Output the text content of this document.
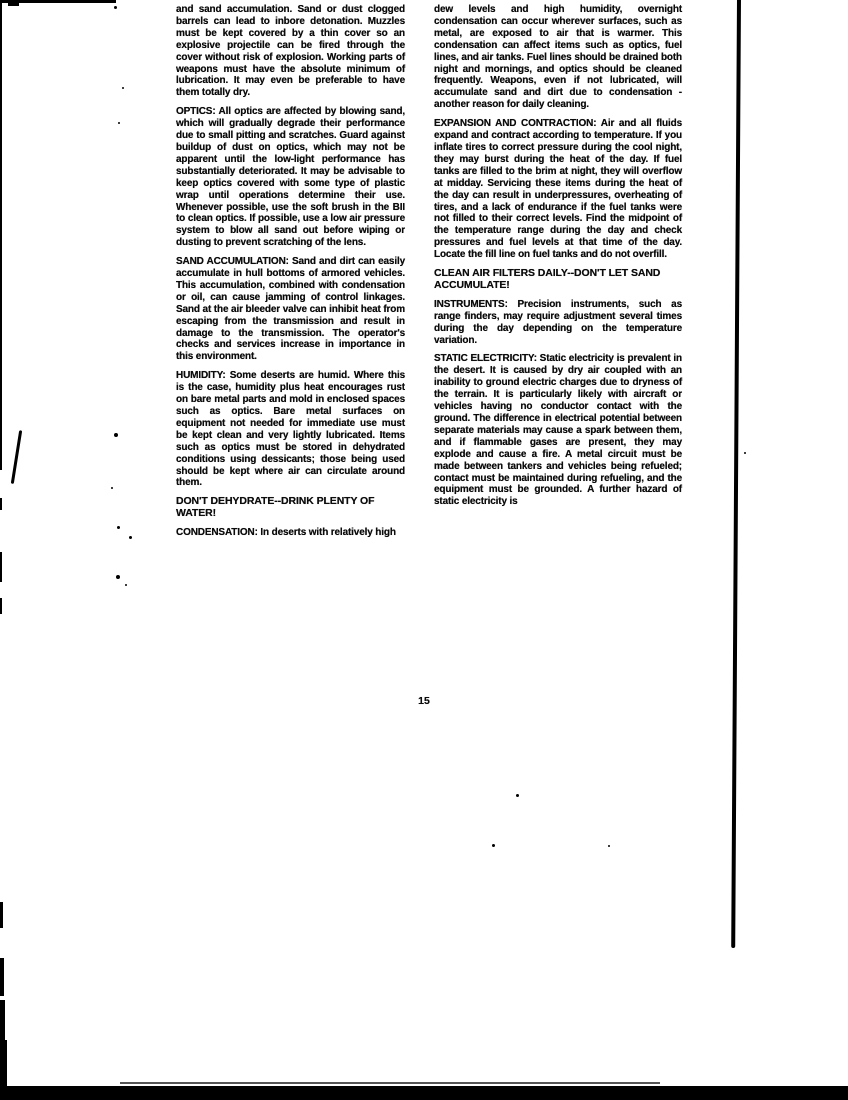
and sand accumulation. Sand or dust clogged barrels can lead to inbore detonation. Muzzles must be kept covered by a thin cover so an explosive projectile can be fired through the cover without risk of explosion. Working parts of weapons must have the absolute minimum of lubrication. It may even be preferable to have them totally dry.

OPTICS: All optics are affected by blowing sand, which will gradually degrade their performance due to small pitting and scratches. Guard against buildup of dust on optics, which may not be apparent until the low-light performance has substantially deteriorated. It may be advisable to keep optics covered with some type of plastic wrap until operations determine their use. Whenever possible, use the soft brush in the BII to clean optics. If possible, use a low air pressure system to blow all sand out before wiping or dusting to prevent scratching of the lens.

SAND ACCUMULATION: Sand and dirt can easily accumulate in hull bottoms of armored vehicles. This accumulation, combined with condensation or oil, can cause jamming of control linkages. Sand at the air bleeder valve can inhibit heat from escaping from the transmission and result in damage to the transmission. The operator's checks and services increase in importance in this environment.

HUMIDITY: Some deserts are humid. Where this is the case, humidity plus heat encourages rust on bare metal parts and mold in enclosed spaces such as optics. Bare metal surfaces on equipment not needed for immediate use must be kept clean and very lightly lubricated. Items such as optics must be stored in dehydrated conditions using dessicants; those being used should be kept where air can circulate around them.

DON'T DEHYDRATE--DRINK PLENTY OF WATER!

CONDENSATION: In deserts with relatively high

dew levels and high humidity, overnight condensation can occur wherever surfaces, such as metal, are exposed to air that is warmer. This condensation can affect items such as optics, fuel lines, and air tanks. Fuel lines should be drained both night and mornings, and optics should be cleaned frequently. Weapons, even if not lubricated, will accumulate sand and dirt due to condensation - another reason for daily cleaning.

EXPANSION AND CONTRACTION: Air and all fluids expand and contract according to temperature. If you inflate tires to correct pressure during the cool night, they may burst during the heat of the day. If fuel tanks are filled to the brim at night, they will overflow at midday. Servicing these items during the heat of the day can result in underpressures, overheating of tires, and a lack of endurance if the fuel tanks were not filled to their correct levels. Find the midpoint of the temperature range during the day and check pressures and fuel levels at that time of the day. Locate the fill line on fuel tanks and do not overfill.

CLEAN AIR FILTERS DAILY--DON'T LET SAND ACCUMULATE!

INSTRUMENTS: Precision instruments, such as range finders, may require adjustment several times during the day depending on the temperature variation.

STATIC ELECTRICITY: Static electricity is prevalent in the desert. It is caused by dry air coupled with an inability to ground electric charges due to dryness of the terrain. It is particularly likely with aircraft or vehicles having no conductor contact with the ground. The difference in electrical potential between separate materials may cause a spark between them, and if flammable gases are present, they may explode and cause a fire. A metal circuit must be made between tankers and vehicles being refueled; contact must be maintained during refueling, and the equipment must be grounded. A further hazard of static electricity is

15
